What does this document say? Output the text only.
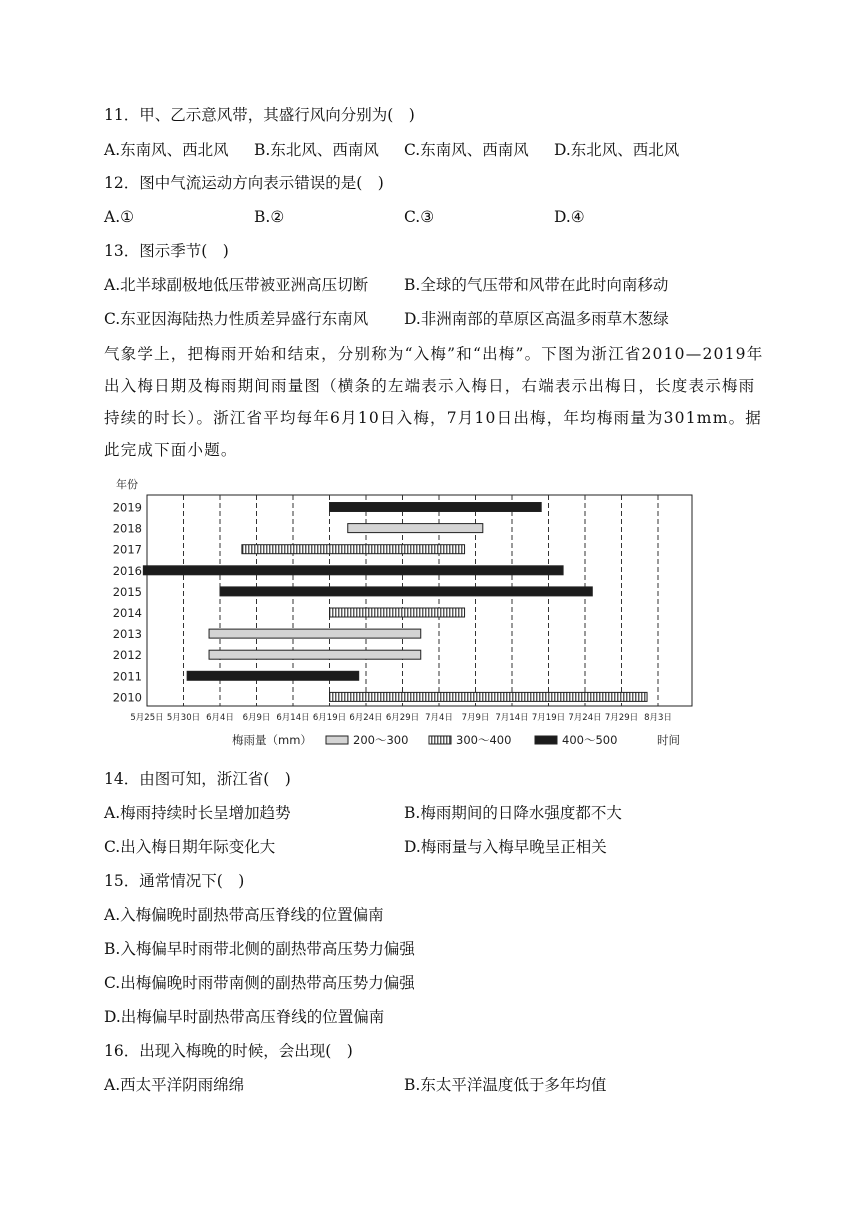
11．甲、乙示意风带，其盛行风向分别为(　)
A.东南风、西北风 B.东北风、西南风 C.东南风、西南风 D.东北风、西北风
12．图中气流运动方向表示错误的是(　)
A.①	B.②	C.③	D.④
13．图示季节(　)
A.北半球副极地低压带被亚洲高压切断 B.全球的气压带和风带在此时向南移动
C.东亚因海陆热力性质差异盛行东南风 D.非洲南部的草原区高温多雨草木葱绿
气象学上，把梅雨开始和结束，分别称为“入梅”和“出梅”。下图为浙江省2010—2019年出入梅日期及梅雨期间雨量图（横条的左端表示入梅日，右端表示出梅日，长度表示梅雨持续的时长）。浙江省平均每年6月10日入梅，7月10日出梅，年均梅雨量为301mm。据此完成下面小题。
5月25日 5月30日 6月4日 6月9日 6月14日 6月19日 6月24日 6月29日 7月4日 7月9日 7月14日 7月19日 7月24日 7月29日 8月3日
年份
2019
2018
2017
2016
2015
2014
2013
2012
2011
2010
梅雨量（mm）	200～300	300～400	400～500	时间
14．由图可知，浙江省(　)
A.梅雨持续时长呈增加趋势	B.梅雨期间的日降水强度都不大
C.出入梅日期年际变化大	D.梅雨量与入梅早晚呈正相关
15．通常情况下(　)
A.入梅偏晚时副热带高压脊线的位置偏南
B.入梅偏早时雨带北侧的副热带高压势力偏强
C.出梅偏晚时雨带南侧的副热带高压势力偏强
D.出梅偏早时副热带高压脊线的位置偏南
16．出现入梅晚的时候，会出现(　)
A.西太平洋阴雨绵绵	B.东太平洋温度低于多年均值
